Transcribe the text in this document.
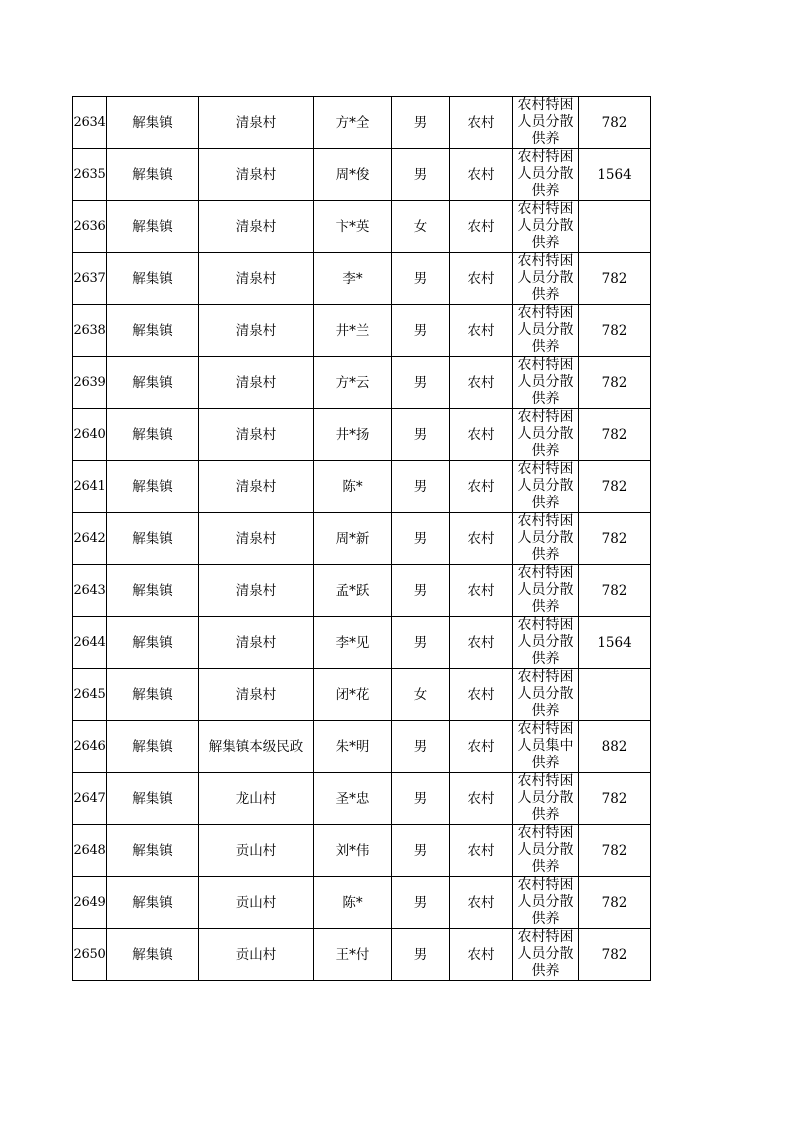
2634	解集镇	清泉村	方*全	男	农村	农村特困人员分散供养	782
2635	解集镇	清泉村	周*俊	男	农村	农村特困人员分散供养	1564
2636	解集镇	清泉村	卞*英	女	农村	农村特困人员分散供养	
2637	解集镇	清泉村	李*	男	农村	农村特困人员分散供养	782
2638	解集镇	清泉村	井*兰	男	农村	农村特困人员分散供养	782
2639	解集镇	清泉村	方*云	男	农村	农村特困人员分散供养	782
2640	解集镇	清泉村	井*扬	男	农村	农村特困人员分散供养	782
2641	解集镇	清泉村	陈*	男	农村	农村特困人员分散供养	782
2642	解集镇	清泉村	周*新	男	农村	农村特困人员分散供养	782
2643	解集镇	清泉村	孟*跃	男	农村	农村特困人员分散供养	782
2644	解集镇	清泉村	李*见	男	农村	农村特困人员分散供养	1564
2645	解集镇	清泉村	闭*花	女	农村	农村特困人员分散供养	
2646	解集镇	解集镇本级民政	朱*明	男	农村	农村特困人员集中供养	882
2647	解集镇	龙山村	圣*忠	男	农村	农村特困人员分散供养	782
2648	解集镇	贡山村	刘*伟	男	农村	农村特困人员分散供养	782
2649	解集镇	贡山村	陈*	男	农村	农村特困人员分散供养	782
2650	解集镇	贡山村	王*付	男	农村	农村特困人员分散供养	782
